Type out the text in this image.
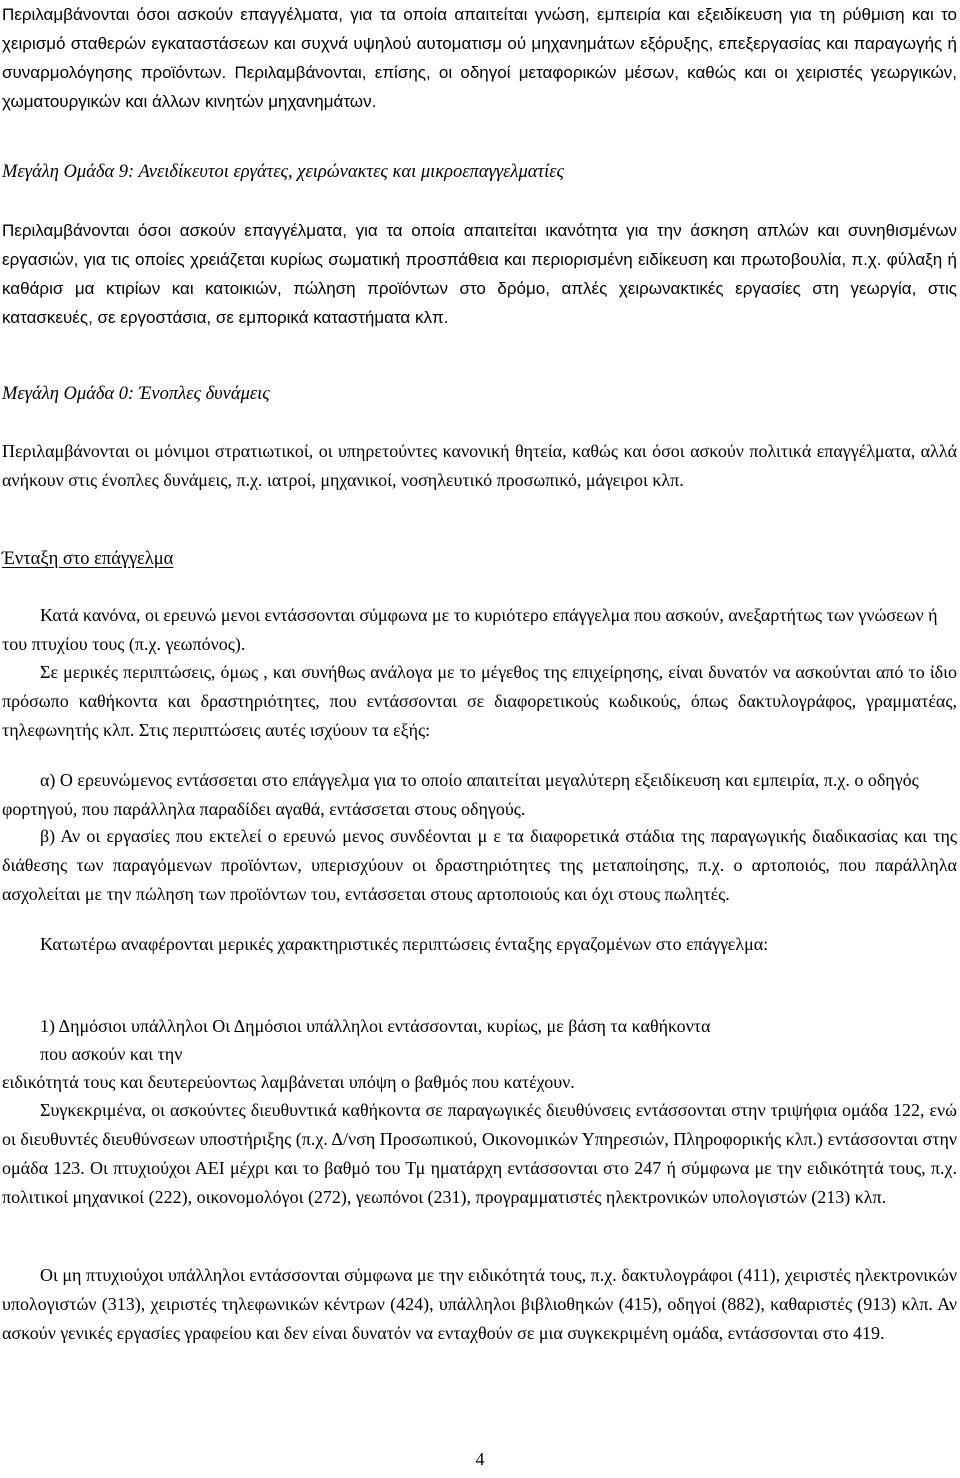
Περιλαμβάνονται όσοι ασκούν επαγγέλματα, για τα οποία απαιτείται γνώση, εμπειρία και εξειδίκευση για τη ρύθμιση και το χειρισμό σταθερών εγκαταστάσεων και συχνά υψηλού αυτοματισμ ού μηχανημάτων εξόρυξης, επεξεργασίας και παραγωγής ή συναρμολόγησης προϊόντων. Περιλαμβάνονται, επίσης, οι οδηγοί μεταφορικών μέσων, καθώς και οι χειριστές γεωργικών, χωματουργικών και άλλων κινητών μηχανημάτων.

Μεγάλη Ομάδα 9: Ανειδίκευτοι εργάτες, χειρώνακτες και μικροεπαγγελματίες

Περιλαμβάνονται όσοι ασκούν επαγγέλματα, για τα οποία απαιτείται ικανότητα για την άσκηση απλών και συνηθισμένων εργασιών, για τις οποίες χρειάζεται κυρίως σωματική προσπάθεια και περιορισμένη ειδίκευση και πρωτοβουλία, π.χ. φύλαξη ή καθάρισ μα κτιρίων και κατοικιών, πώληση προϊόντων στο δρόμο, απλές χειρωνακτικές εργασίες στη γεωργία, στις κατασκευές, σε εργοστάσια, σε εμπορικά καταστήματα κλπ.

Μεγάλη Ομάδα 0: Ένοπλες δυνάμεις

Περιλαμβάνονται οι μόνιμοι στρατιωτικοί, οι υπηρετούντες κανονική θητεία, καθώς και όσοι ασκούν πολιτικά επαγγέλματα, αλλά ανήκουν στις ένοπλες δυνάμεις, π.χ. ιατροί, μηχανικοί, νοσηλευτικό προσωπικό, μάγειροι κλπ.

Ένταξη στο επάγγελμα

Κατά κανόνα, οι ερευνώ μενοι εντάσσονται σύμφωνα με το κυριότερο επάγγελμα που ασκούν, ανεξαρτήτως των γνώσεων ή του πτυχίου τους (π.χ. γεωπόνος).

Σε μερικές περιπτώσεις, όμως , και συνήθως ανάλογα με το μέγεθος της επιχείρησης, είναι δυνατόν να ασκούνται από το ίδιο πρόσωπο καθήκοντα και δραστηριότητες, που εντάσσονται σε διαφορετικούς κωδικούς, όπως δακτυλογράφος, γραμματέας, τηλεφωνητής κλπ. Στις περιπτώσεις αυτές ισχύουν τα εξής:

α) Ο ερευνώμενος εντάσσεται στο επάγγελμα για το οποίο απαιτείται μεγαλύτερη εξειδίκευση και εμπειρία, π.χ. ο οδηγός φορτηγού, που παράλληλα παραδίδει αγαθά, εντάσσεται στους οδηγούς.

β) Αν οι εργασίες που εκτελεί ο ερευνώ μενος συνδέονται μ ε τα διαφορετικά στάδια της παραγωγικής διαδικασίας και της διάθεσης των παραγόμενων προϊόντων, υπερισχύουν οι δραστηριότητες της μεταποίησης, π.χ. ο αρτοποιός, που παράλληλα ασχολείται με την πώληση των προϊόντων του, εντάσσεται στους αρτοποιούς και όχι στους πωλητές.

Κατωτέρω αναφέρονται μερικές χαρακτηριστικές περιπτώσεις ένταξης εργαζομένων στο επάγγελμα:

1) Δημόσιοι υπάλληλοι Οι Δημόσιοι υπάλληλοι εντάσσονται, κυρίως, με βάση τα καθήκοντα

που ασκούν και την

ειδικότητά τους και δευτερεύοντως λαμβάνεται υπόψη ο βαθμός που κατέχουν.

Συγκεκριμένα, οι ασκούντες διευθυντικά καθήκοντα σε παραγωγικές διευθύνσεις εντάσσονται στην τριψήφια ομάδα 122, ενώ οι διευθυντές διευθύνσεων υποστήριξης (π.χ. Δ/νση Προσωπικού, Οικονομικών Υπηρεσιών, Πληροφορικής κλπ.) εντάσσονται στην ομάδα 123. Οι πτυχιούχοι ΑΕΙ μέχρι και το βαθμό του Τμ ηματάρχη εντάσσονται στο 247 ή σύμφωνα με την ειδικότητά τους, π.χ. πολιτικοί μηχανικοί (222), οικονομολόγοι (272), γεωπόνοι (231), προγραμματιστές ηλεκτρονικών υπολογιστών (213) κλπ.

Οι μη πτυχιούχοι υπάλληλοι εντάσσονται σύμφωνα με την ειδικότητά τους, π.χ. δακτυλογράφοι (411), χειριστές ηλεκτρονικών υπολογιστών (313), χειριστές τηλεφωνικών κέντρων (424), υπάλληλοι βιβλιοθηκών (415), οδηγοί (882), καθαριστές (913) κλπ. Αν ασκούν γενικές εργασίες γραφείου και δεν είναι δυνατόν να ενταχθούν σε μια συγκεκριμένη ομάδα, εντάσσονται στο 419.

4
